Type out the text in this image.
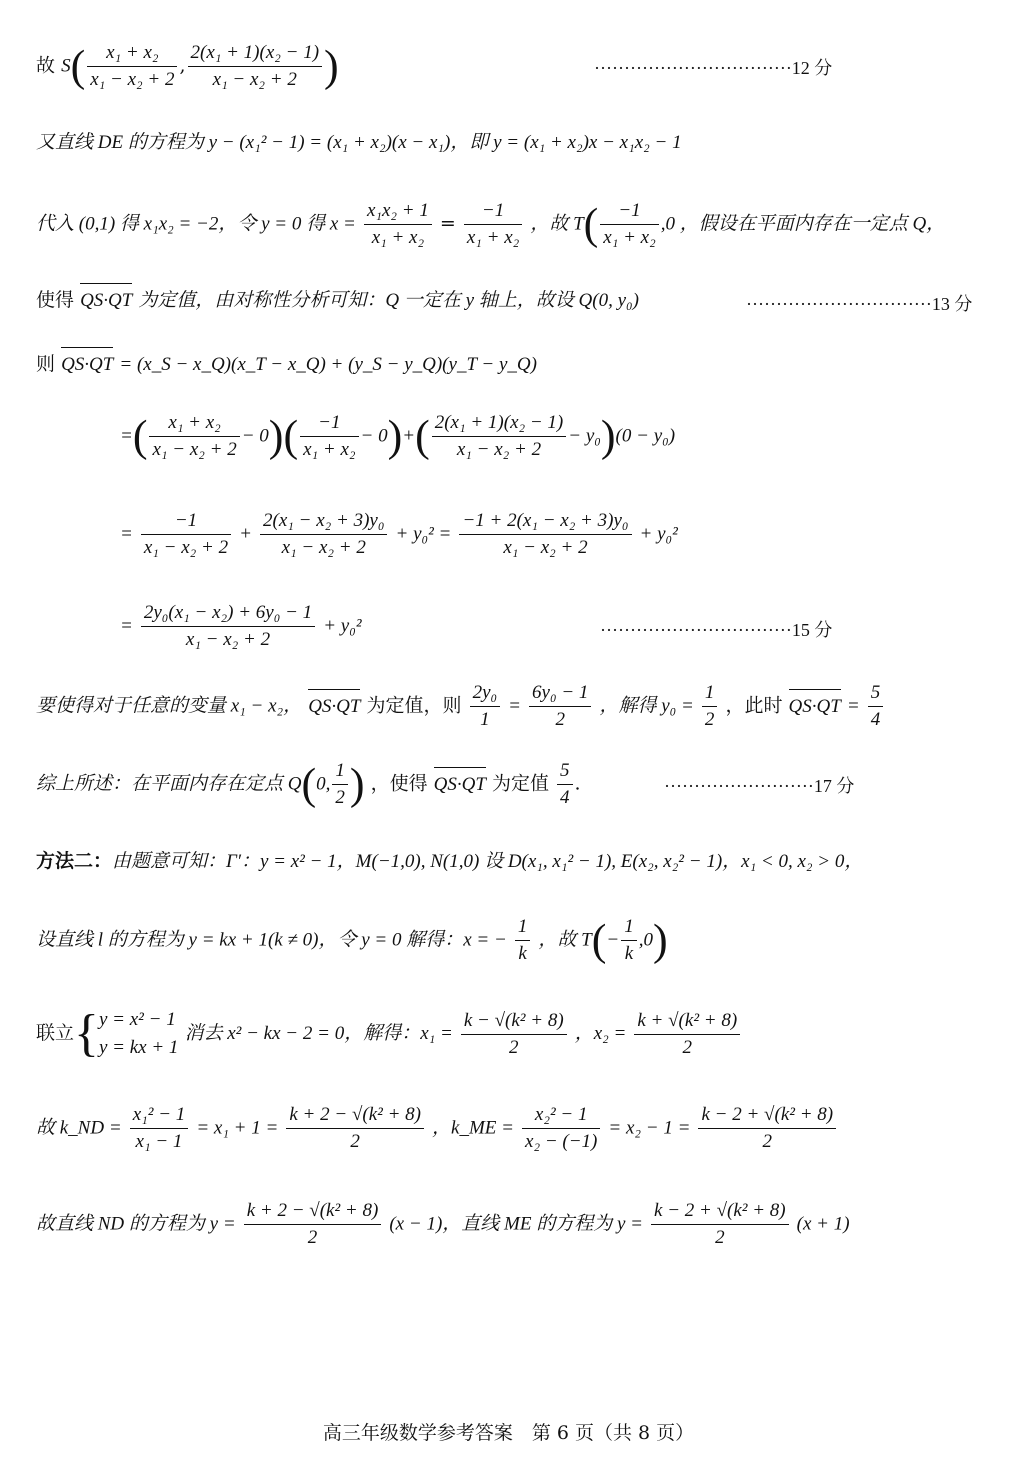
故 $S( \frac{\text{x₁ + x₂}}{\text{x₁ − x₂ + 2}}$ , $\frac{\text{2(x₁ + 1)(x₂ − 1)}}{\text{x₁ − x₂ + 2}}$ )	·································12 分
又直线 DE 的方程为 y − (x₁² − 1) = (x₁ + x₂)(x − x₁)，即 y = (x₁ + x₂)x − x₁x₂ − 1
代入 (0,1) 得 x₁x₂ = −2，令 y = 0 得 $x = \frac{\text{x₁x₂ + 1}}{\text{x₁ + x₂}} = \frac{-1}{\text{x₁ + x₂}}$ ，故 $T( \frac{-1}{\text{x₁ + x₂}} ,0$ ，假设在平面内存在一定点 Q，
使得 QS·QT 为定值，由对称性分析可知：Q 一定在 y 轴上，故设 Q(0, y₀)	·······························13 分
则 QS·QT = (x_S − x_Q)(x_T − x_Q) + (y_S − y_Q)(y_T − y_Q)
=( $\frac{\text{x₁ + x₂}}{\text{x₁ − x₂ + 2}} - 0)( \frac{-1}{\text{x₁ + x₂}} - 0)+( \frac{\text{2(x₁ + 1)(x₂ − 1)}}{\text{x₁ − x₂ + 2}} - y_0)(0 - y_0)$
= $\frac{-1}{\text{x₁ − x₂ + 2}} + \frac{\text{2(x₁ − x₂ + 3)y₀}}{\text{x₁ − x₂ + 2}} + y_0^2 = \frac{\text{−1 + 2(x₁ − x₂ + 3)y₀}}{\text{x₁ − x₂ + 2}} + y_0^2$
= $\frac{\text{2y₀(x₁ − x₂) + 6y₀ − 1}}{\text{x₁ − x₂ + 2}} + y_0^2$	································15 分
要使得对于任意的变量 x₁ − x₂， QS·QT 为定值，则 $\frac{\text{2y₀}}{1} = \frac{\text{6y₀ − 1}}{2}$ ，解得 $y_0 = \frac{1}{2}$ ，此时 $QS\cdot QT = \frac{5}{4}$
综上所述：在平面内存在定点 Q(0, $\frac{1}{2}$ ) ，使得 QS·QT 为定值 $\frac{5}{4}$ .	·························17 分
方法二：由题意可知：Γ′：y = x² − 1，M(−1,0), N(1,0) 设 D(x₁, x₁² − 1), E(x₂, x₂² − 1)，x₁ < 0, x₂ > 0，
设直线 l 的方程为 y = kx + 1(k ≠ 0)，令 y = 0 解得：x = − $\frac{1}{k}$ ，故 $T(- \frac{1}{k} ,0)$
联立{ y = x² − 1
y = kx + 1
消去 x² − kx − 2 = 0，解得：$x_1 = \frac{\text{k − √(k² + 8)}}{2}$ ，$x_2 = \frac{\text{k + √(k² + 8)}}{2}$
故 k_ND = $\frac{\text{x₁² − 1}}{\text{x₁ − 1}} = x_1 + 1 = \frac{\text{k + 2 − √(k² + 8)}}{2}$ ，k_ME = $\frac{\text{x₂² − 1}}{\text{x₂ − (−1)}} = x_2 - 1 = \frac{\text{k − 2 + √(k² + 8)}}{2}$
故直线 ND 的方程为 $y = \frac{\text{k + 2 − √(k² + 8)}}{2} (x - 1)$，直线 ME 的方程为 $y = \frac{\text{k − 2 + √(k² + 8)}}{2} (x + 1)$
高三年级数学参考答案　第 6 页（共 8 页）
